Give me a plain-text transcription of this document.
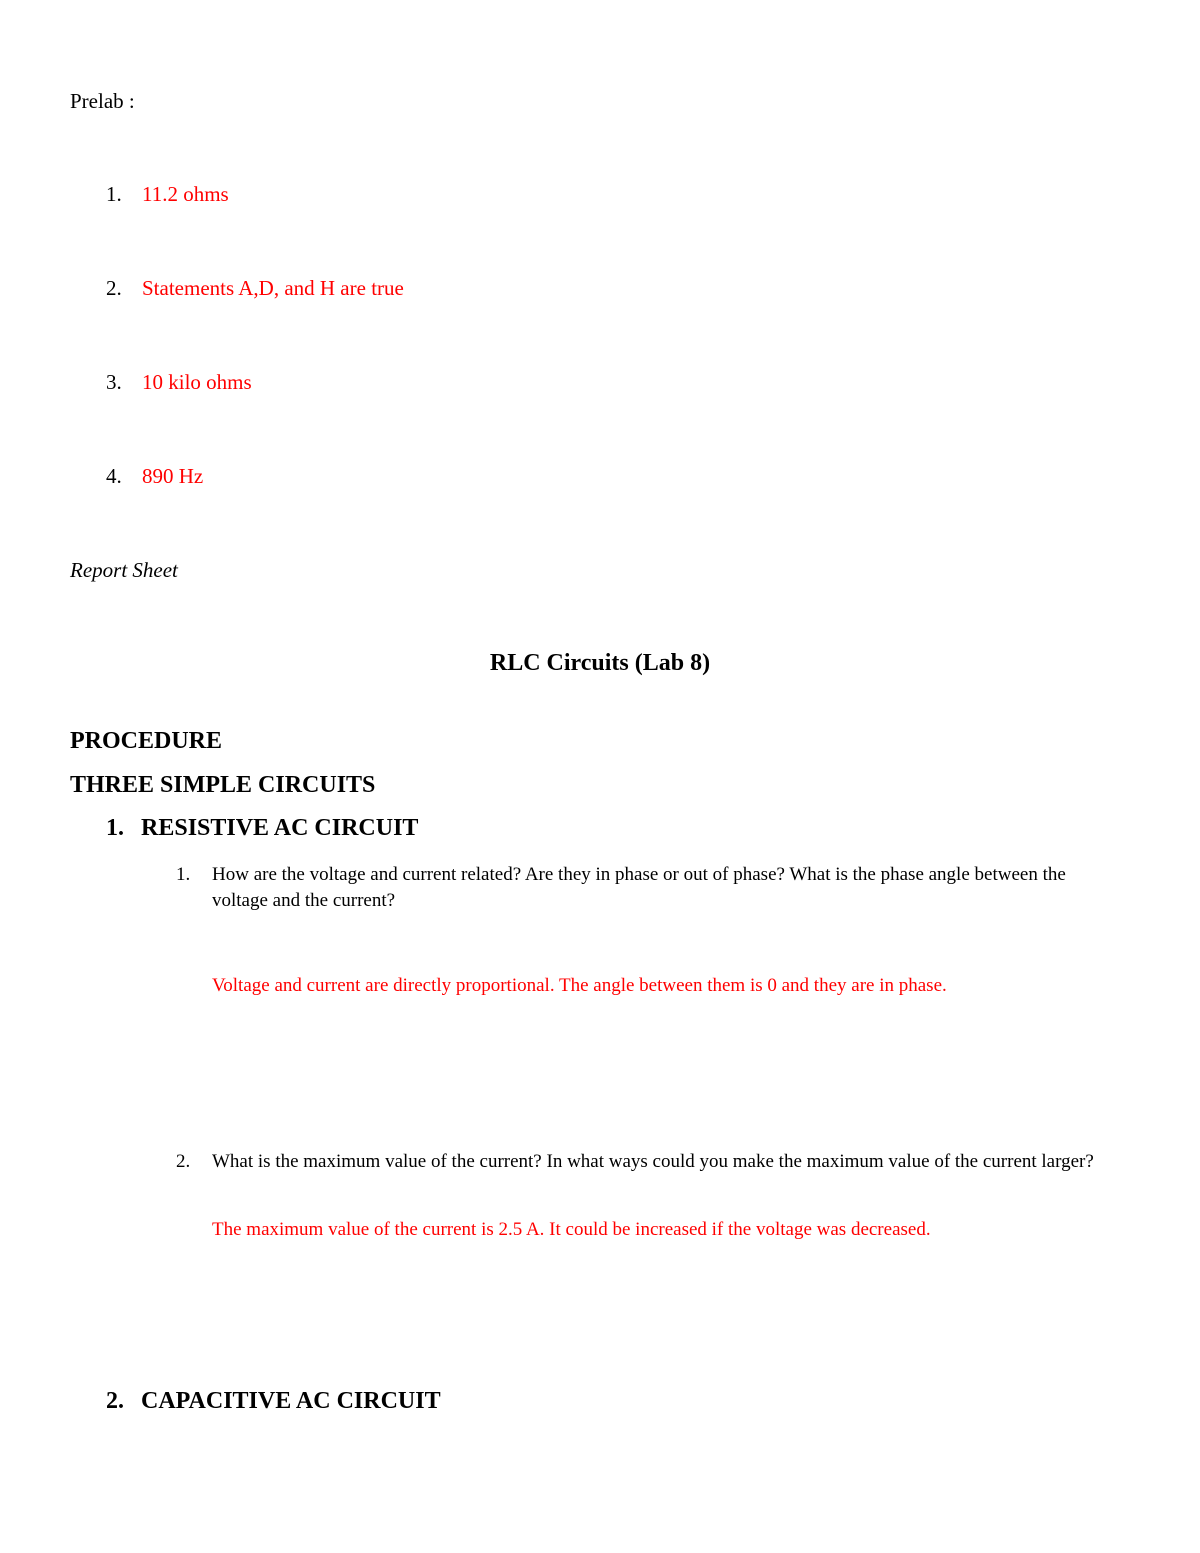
Prelab :
1. 11.2 ohms
2. Statements A,D, and H are true
3. 10 kilo ohms
4. 890 Hz
Report Sheet
RLC Circuits (Lab 8)
PROCEDURE
THREE SIMPLE CIRCUITS
1. RESISTIVE AC CIRCUIT
1. How are the voltage and current related? Are they in phase or out of phase? What is the phase angle between the voltage and the current?
Voltage and current are directly proportional. The angle between them is 0 and they are in phase.
2. What is the maximum value of the current? In what ways could you make the maximum value of the current larger?
The maximum value of the current is 2.5 A. It could be increased if the voltage was decreased.
2. CAPACITIVE AC CIRCUIT
